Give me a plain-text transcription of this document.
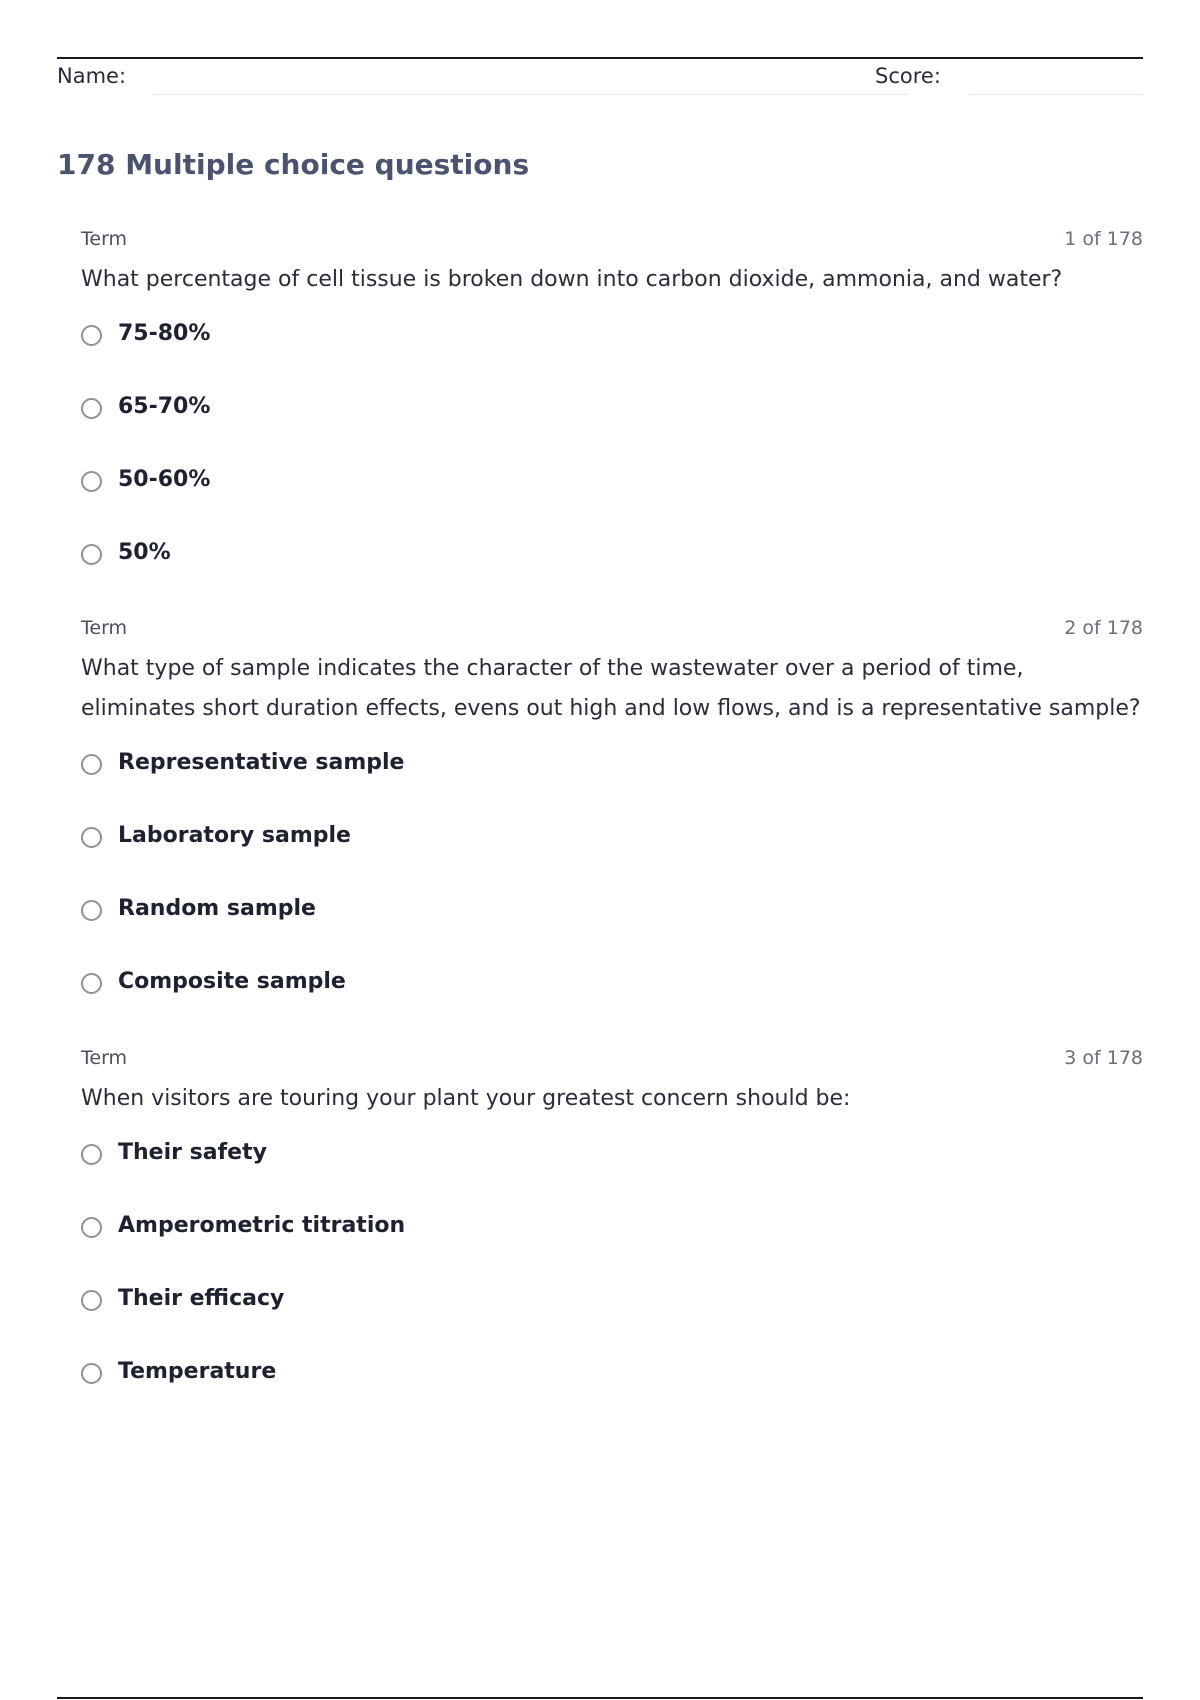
Name:	Score:
178 Multiple choice questions
Term	1 of 178
What percentage of cell tissue is broken down into carbon dioxide, ammonia, and water?
75-80%
65-70%
50-60%
50%
Term	2 of 178
What type of sample indicates the character of the wastewater over a period of time, eliminates short duration effects, evens out high and low flows, and is a representative sample?
Representative sample
Laboratory sample
Random sample
Composite sample
Term	3 of 178
When visitors are touring your plant your greatest concern should be:
Their safety
Amperometric titration
Their efficacy
Temperature
